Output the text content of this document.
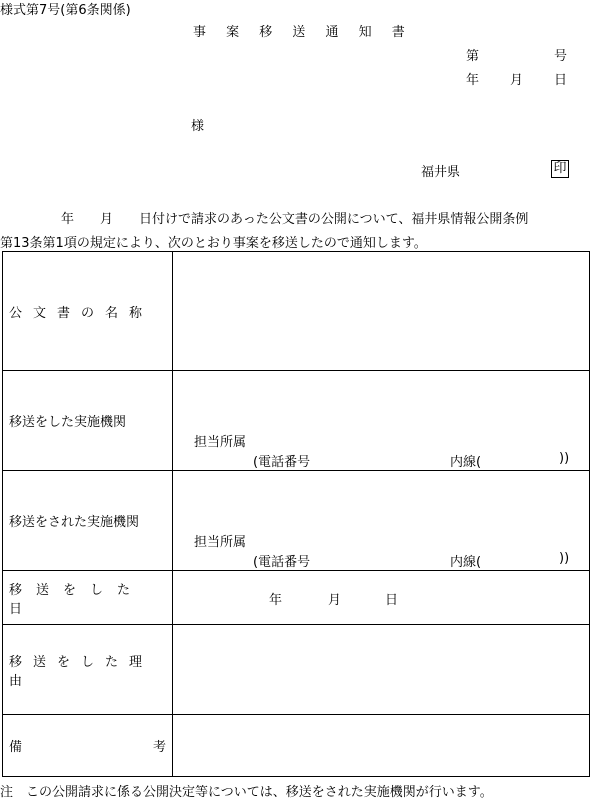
様式第7号(第6条関係)
事 案 移 送 通 知 書
第	号
年 月 日
様
福井県	印
年　　月　　日付けで請求のあった公文書の公開について、福井県情報公開条例
第13条第1項の規定により、次のとおり事案を移送したので通知します。
公文書の名称	

移送をした実施機関	担当所属
(電話番号 内線( ))

移送をされた実施機関	担当所属
(電話番号 内線( ))

移送をした日	年 月 日

移送をした理由	

備 考	

注　この公開請求に係る公開決定等については、移送をされた実施機関が行います。
